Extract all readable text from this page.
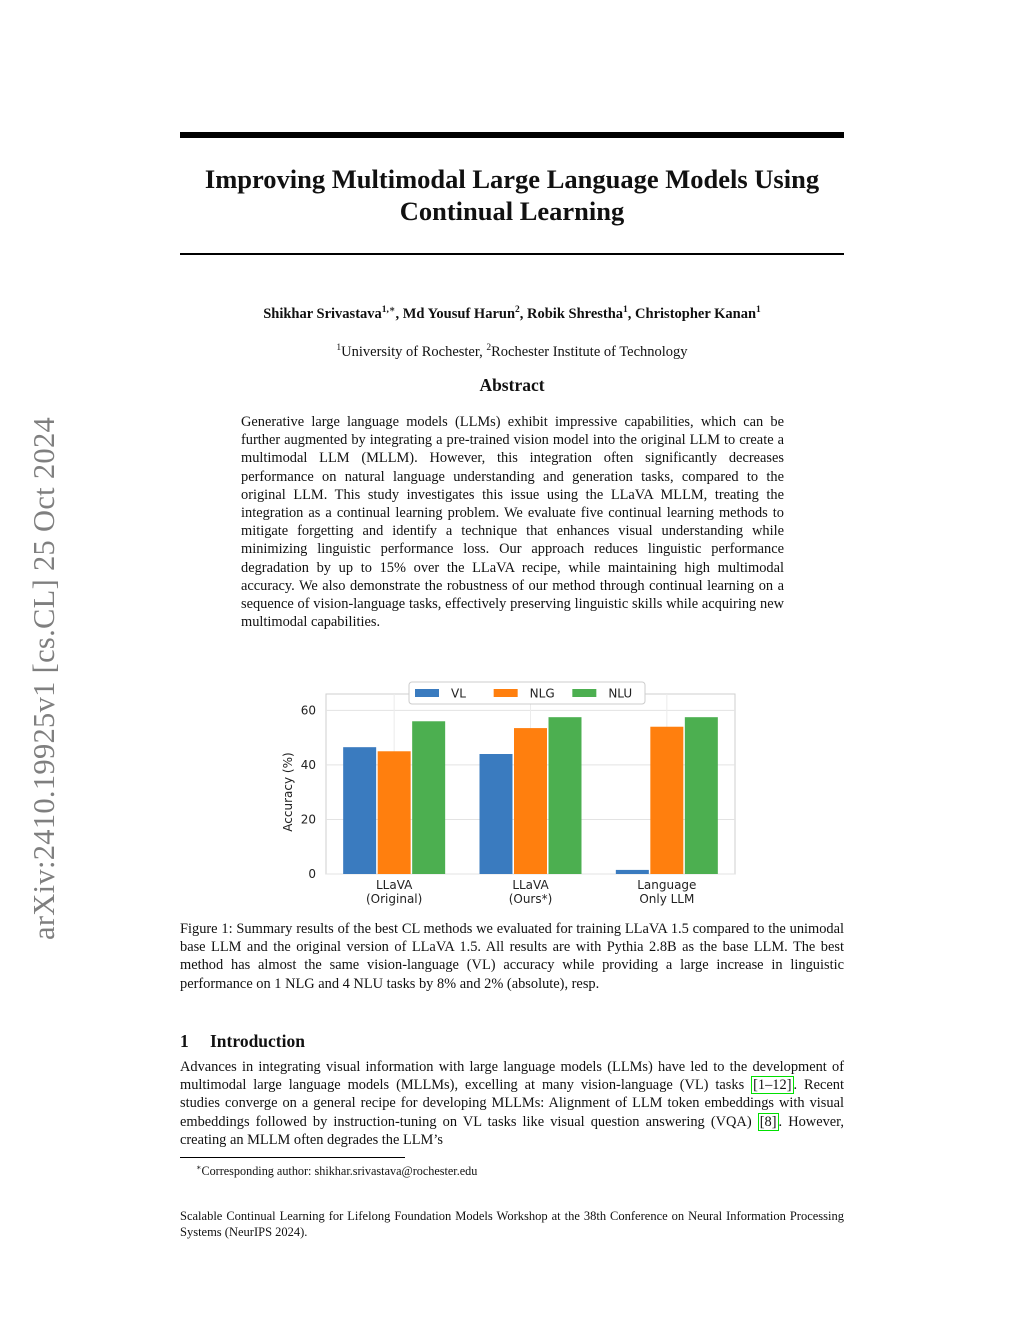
arXiv:2410.19925v1 [cs.CL] 25 Oct 2024
Improving Multimodal Large Language Models Using
Continual Learning
Shikhar Srivastava$^{1,∗}$, Md Yousuf Harun$^2$, Robik Shrestha$^1$, Christopher Kanan$^1$
$^1$University of Rochester, $^2$Rochester Institute of Technology
Abstract
Generative large language models (LLMs) exhibit impressive capabilities, which can be further augmented by integrating a pre-trained vision model into the original LLM to create a multimodal LLM (MLLM). However, this integration often significantly decreases performance on natural language understanding and generation tasks, compared to the original LLM. This study investigates this issue using the LLaVA MLLM, treating the integration as a continual learning problem. We evaluate five continual learning methods to mitigate forgetting and identify a technique that enhances visual understanding while minimizing linguistic performance loss. Our approach reduces linguistic performance degradation by up to 15% over the LLaVA recipe, while maintaining high multimodal accuracy. We also demonstrate the robustness of our method through continual learning on a sequence of vision-language tasks, effectively preserving linguistic skills while acquiring new multimodal capabilities.
0
20
40
60
LLaVA
(Original)
LLaVA
(Ours*)
Language
Only LLM
Accuracy (%)
VL	NLG	NLU
Figure 1: Summary results of the best CL methods we evaluated for training LLaVA 1.5 compared to the unimodal base LLM and the original version of LLaVA 1.5. All results are with Pythia 2.8B as the base LLM. The best method has almost the same vision-language (VL) accuracy while providing a large increase in linguistic performance on 1 NLG and 4 NLU tasks by 8% and 2% (absolute), resp.
1 Introduction
Advances in integrating visual information with large language models (LLMs) have led to the development of multimodal large language models (MLLMs), excelling at many vision-language (VL) tasks [1–12] . Recent studies converge on a general recipe for developing MLLMs: Alignment of LLM token embeddings with visual embeddings followed by instruction-tuning on VL tasks like visual question answering (VQA) [8] . However, creating an MLLM often degrades the LLM’s
∗Corresponding author: shikhar.srivastava@rochester.edu
Scalable Continual Learning for Lifelong Foundation Models Workshop at the 38th Conference on Neural Information Processing Systems (NeurIPS 2024).
